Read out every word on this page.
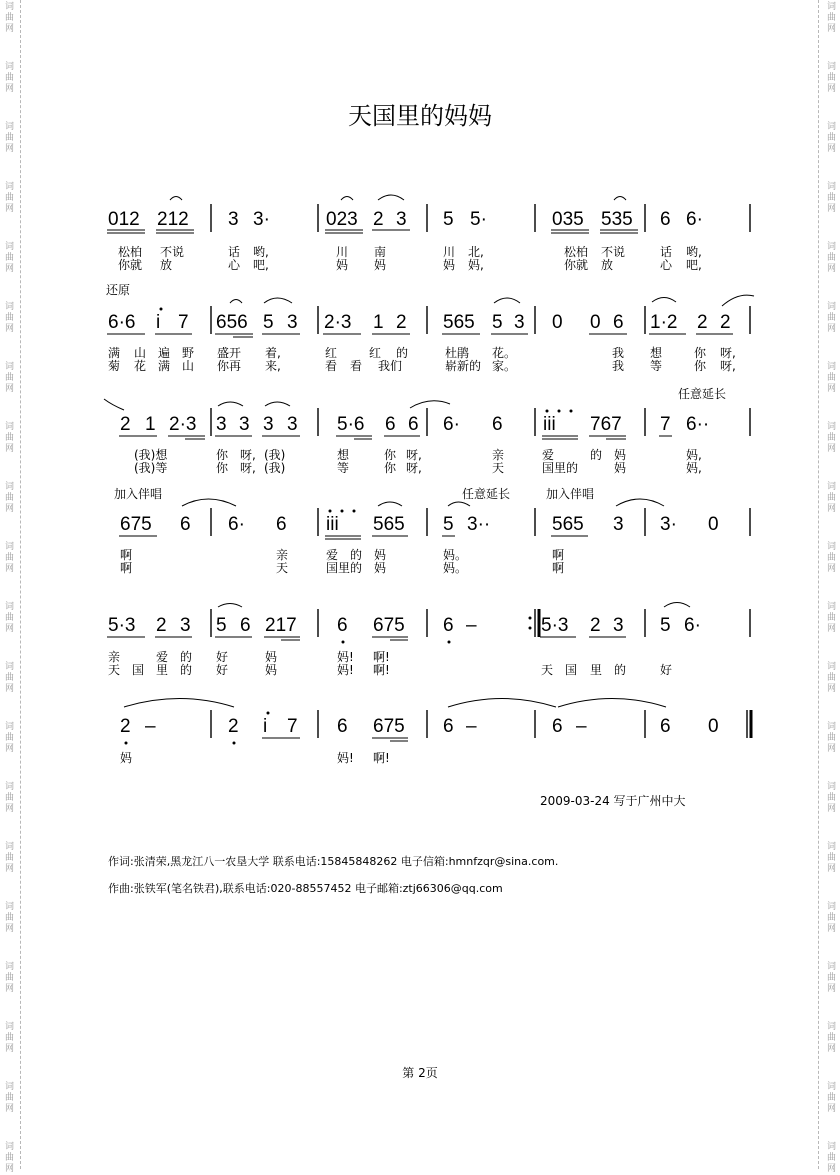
词曲网
词曲网
词曲网
词曲网
词曲网
词曲网
词曲网
词曲网
词曲网
词曲网
词曲网
词曲网
词曲网
词曲网
词曲网
词曲网
词曲网
词曲网
词曲网
词曲网
词曲网
词曲网
词曲网
词曲网
词曲网
词曲网
词曲网
词曲网
词曲网
词曲网
词曲网
词曲网
词曲网
词曲网
词曲网
词曲网
词曲网
词曲网
词曲网
词曲网
天国里的妈妈
012 212 3 3·	023 2 3 5 5·	035 535 6 6·
松柏 不说	话 哟,	川 南	川 北,	松柏 不说	话 哟,
你就 放	心 吧,	妈 妈	妈 妈,	你就 放	心 吧,
还原
6·6 i 7 656 5 3 2·3 1 2 565 5 3 0 0 6 1·2 2 2
满 山 遍 野 盛开 着,	红	红 的	杜鹃 花。	我 想	你 呀,
菊 花 满 山 你再 来,	看 看 我们	崭新的 家。	我 等	你 呀,
任意延长
2 1 2·3 3 3 3 3 5·6 6 6 6· 6 iii 767 7 6··
(我)想	你 呀, (我)	想	你 呀,	亲	爱	的 妈	妈,
(我)等	你 呀, (我)	等	你 呀,	天	国里的	妈	妈,
加入伴唱	任意延长	加入伴唱
675 6 6· 6 iii 565 5 3··	565 3 3· 0
啊	亲	爱 的 妈	妈。	啊
啊	天	国里的 妈	妈。	啊
5·3 2 3 5 6 217 6 675 6 –	5·3 2 3 5 6·
亲	爱 的 好	妈	妈! 啊!
天 国 里 的 好	妈	妈! 啊!	天 国 里 的	好
2 –	2 i 7 6 675 6 –	6 –	6 0
妈	妈! 啊!
2009-03-24 写于广州中大
作词:张清荣,黑龙江八一农垦大学 联系电话:15845848262 电子信箱:hmnfzqr@sina.com.
作曲:张铁军(笔名铁君),联系电话:020-88557452 电子邮箱:ztj66306@qq.com
第 2页
